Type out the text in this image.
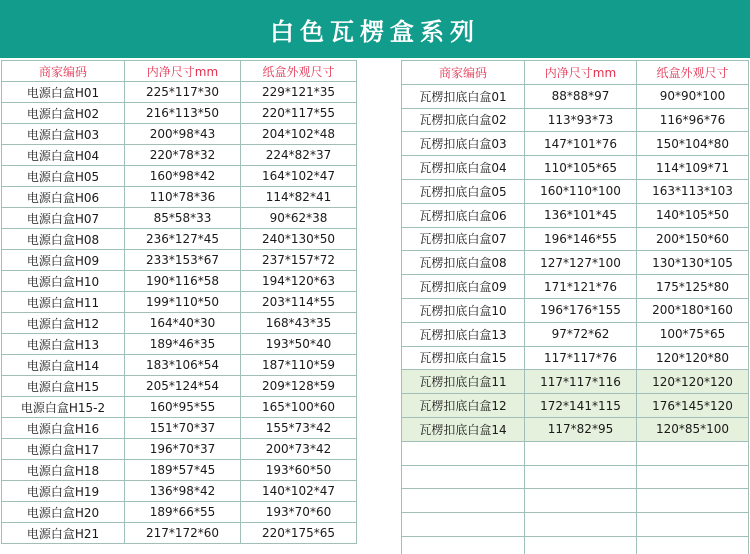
白色瓦楞盒系列
商家编码	内净尺寸mm	纸盒外观尺寸
电源白盒H01	225*117*30	229*121*35
电源白盒H02	216*113*50	220*117*55
电源白盒H03	200*98*43	204*102*48
电源白盒H04	220*78*32	224*82*37
电源白盒H05	160*98*42	164*102*47
电源白盒H06	110*78*36	114*82*41
电源白盒H07	85*58*33	90*62*38
电源白盒H08	236*127*45	240*130*50
电源白盒H09	233*153*67	237*157*72
电源白盒H10	190*116*58	194*120*63
电源白盒H11	199*110*50	203*114*55
电源白盒H12	164*40*30	168*43*35
电源白盒H13	189*46*35	193*50*40
电源白盒H14	183*106*54	187*110*59
电源白盒H15	205*124*54	209*128*59
电源白盒H15-2	160*95*55	165*100*60
电源白盒H16	151*70*37	155*73*42
电源白盒H17	196*70*37	200*73*42
电源白盒H18	189*57*45	193*60*50
电源白盒H19	136*98*42	140*102*47
电源白盒H20	189*66*55	193*70*60
电源白盒H21	217*172*60	220*175*65
商家编码	内净尺寸mm	纸盒外观尺寸
瓦楞扣底白盒01	88*88*97	90*90*100
瓦楞扣底白盒02	113*93*73	116*96*76
瓦楞扣底白盒03	147*101*76	150*104*80
瓦楞扣底白盒04	110*105*65	114*109*71
瓦楞扣底白盒05	160*110*100	163*113*103
瓦楞扣底白盒06	136*101*45	140*105*50
瓦楞扣底白盒07	196*146*55	200*150*60
瓦楞扣底白盒08	127*127*100	130*130*105
瓦楞扣底白盒09	171*121*76	175*125*80
瓦楞扣底白盒10	196*176*155	200*180*160
瓦楞扣底白盒13	97*72*62	100*75*65
瓦楞扣底白盒15	117*117*76	120*120*80
瓦楞扣底白盒11	117*117*116	120*120*120
瓦楞扣底白盒12	172*141*115	176*145*120
瓦楞扣底白盒14	117*82*95	120*85*100
